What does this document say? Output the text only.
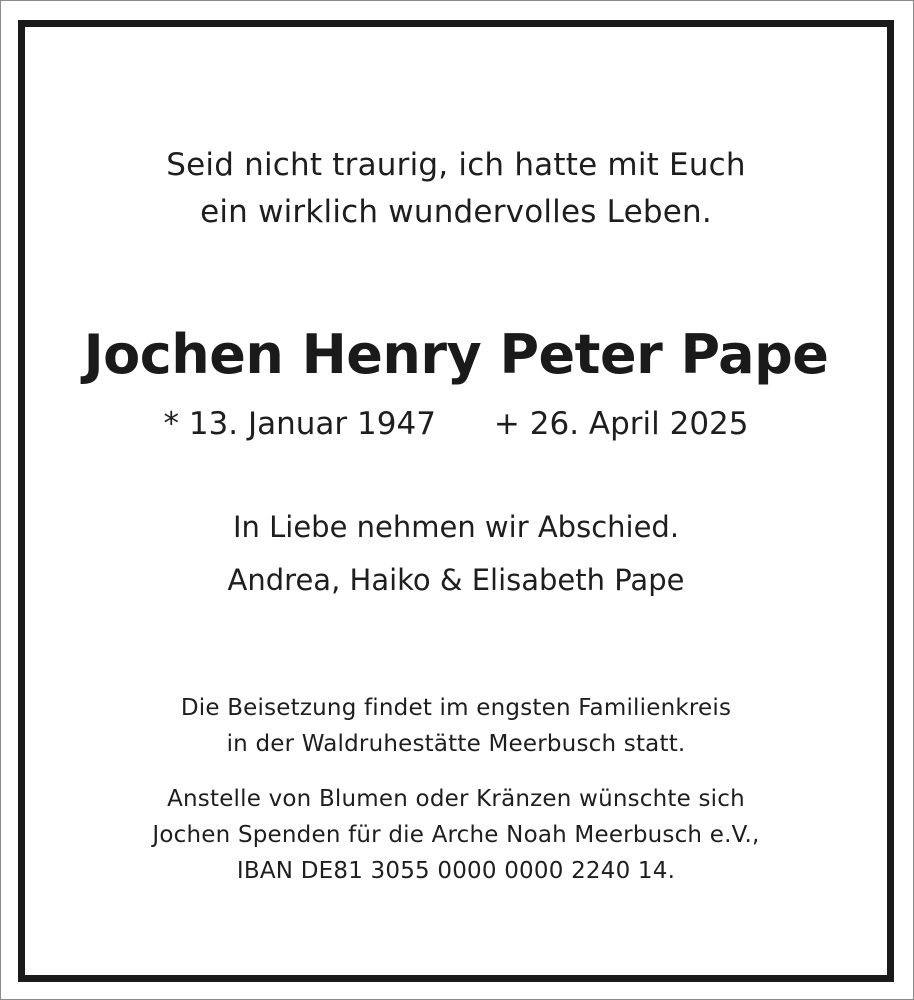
Seid nicht traurig, ich hatte mit Euch
ein wirklich wundervolles Leben.
Jochen Henry Peter Pape
* 13. Januar 1947 + 26. April 2025
In Liebe nehmen wir Abschied.
Andrea, Haiko & Elisabeth Pape
Die Beisetzung findet im engsten Familienkreis
in der Waldruhestätte Meerbusch statt.
Anstelle von Blumen oder Kränzen wünschte sich
Jochen Spenden für die Arche Noah Meerbusch e.V.,
IBAN DE81 3055 0000 0000 2240 14.
